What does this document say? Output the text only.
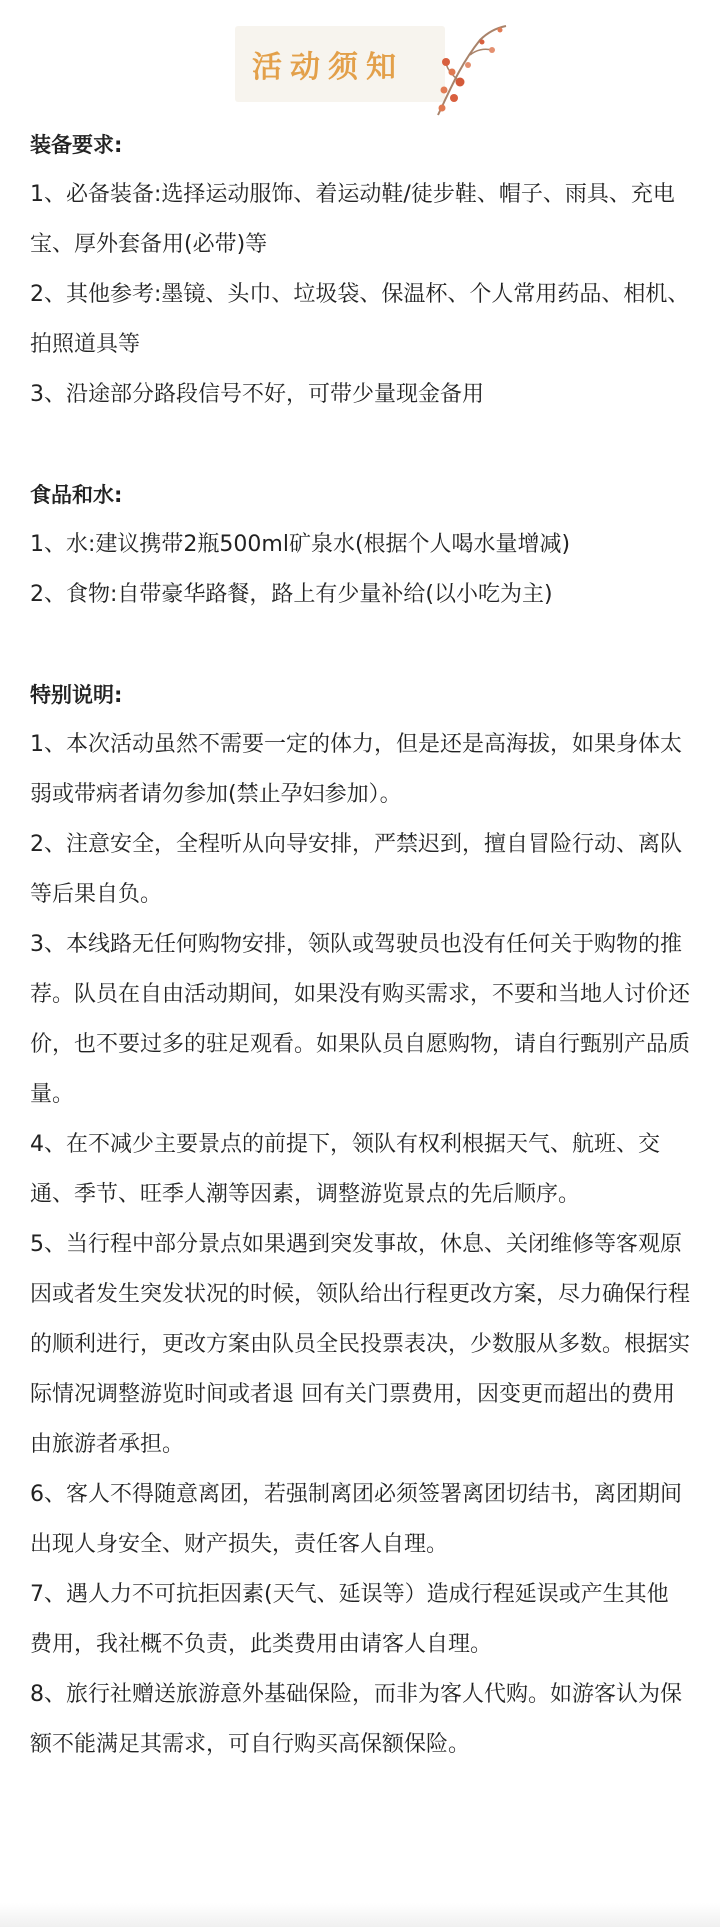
活动须知
装备要求:
1、必备装备:选择运动服饰、着运动鞋/徒步鞋、帽子、雨具、充电宝、厚外套备用(必带)等
2、其他参考:墨镜、头巾、垃圾袋、保温杯、个人常用药品、相机、拍照道具等
3、沿途部分路段信号不好，可带少量现金备用
食品和水:
1、水:建议携带2瓶500ml矿泉水(根据个人喝水量增减)
2、食物:自带豪华路餐，路上有少量补给(以小吃为主)
特别说明:
1、本次活动虽然不需要一定的体力，但是还是高海拔，如果身体太弱或带病者请勿参加(禁止孕妇参加）。
2、注意安全，全程听从向导安排，严禁迟到，擅自冒险行动、离队等后果自负。
3、本线路无任何购物安排，领队或驾驶员也没有任何关于购物的推荐。队员在自由活动期间，如果没有购买需求，不要和当地人讨价还价，也不要过多的驻足观看。如果队员自愿购物，请自行甄别产品质量。
4、在不减少主要景点的前提下，领队有权利根据天气、航班、交通、季节、旺季人潮等因素，调整游览景点的先后顺序。
5、当行程中部分景点如果遇到突发事故，休息、关闭维修等客观原因或者发生突发状况的时候，领队给出行程更改方案，尽力确保行程的顺利进行，更改方案由队员全民投票表决，少数服从多数。根据实际情况调整游览时间或者退 回有关门票费用，因变更而超出的费用由旅游者承担。
6、客人不得随意离团，若强制离团必须签署离团切结书，离团期间出现人身安全、财产损失，责任客人自理。
7、遇人力不可抗拒因素(天气、延误等）造成行程延误或产生其他费用，我社概不负责，此类费用由请客人自理。
8、旅行社赠送旅游意外基础保险，而非为客人代购。如游客认为保额不能满足其需求，可自行购买高保额保险。
